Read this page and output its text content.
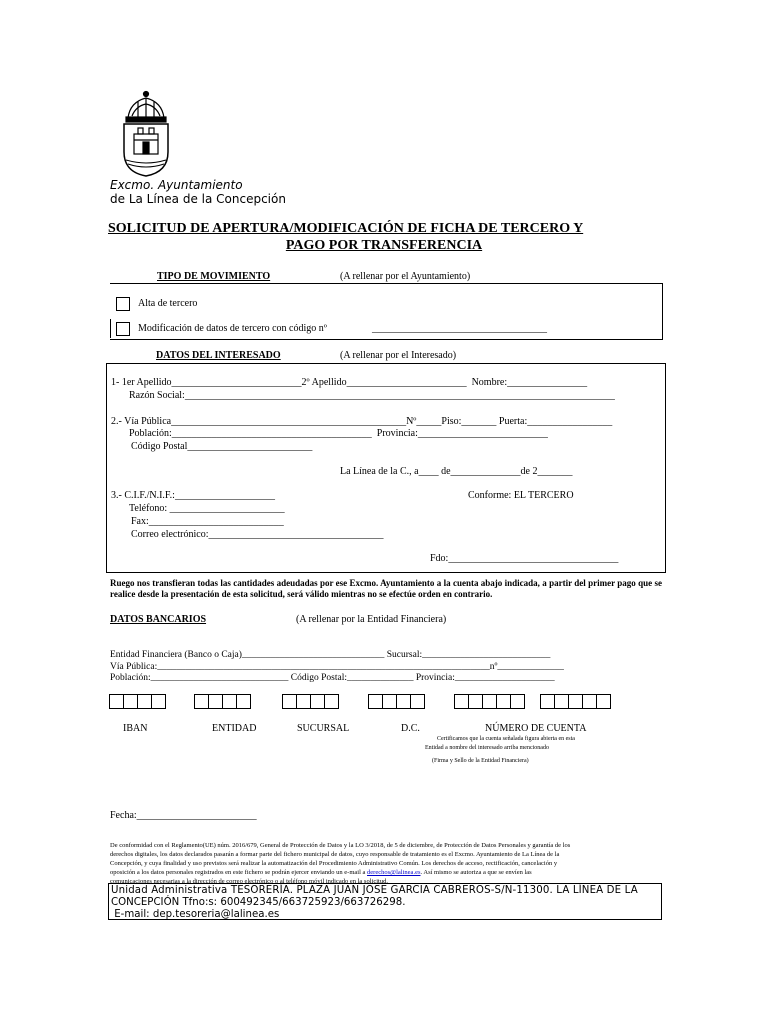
Excmo. Ayuntamiento
de La Línea de la Concepción
SOLICITUD DE APERTURA/MODIFICACIÓN DE FICHA DE TERCERO Y
PAGO POR TRANSFERENCIA
TIPO DE MOVIMIENTO	(A rellenar por el Ayuntamiento)
Alta de tercero
Modificación de datos de tercero con código nº	___________________________________
DATOS DEL INTERESADO	(A rellenar por el Interesado)
1- 1er Apellido__________________________2º Apellido________________________  Nombre:________________
Razón Social:______________________________________________________________________________________
2.- Vía Pública_______________________________________________Nº_____Piso:_______ Puerta:_________________
Población:________________________________________  Provincia:__________________________
Código Postal_________________________
La Línea de la C., a____ de______________de 2_______
3.- C.I.F./N.I.F.:____________________	Conforme: EL TERCERO
Teléfono: _______________________
Fax:___________________________
Correo electrónico:___________________________________
Fdo:__________________________________
Ruego nos transfieran todas las cantidades adeudadas por ese Excmo. Ayuntamiento a la cuenta abajo indicada, a partir del primer pago que se realice desde la presentación de esta solicitud, será válido mientras no se efectúe orden en contrario.
DATOS BANCARIOS	(A rellenar por la Entidad Financiera)
Entidad Financiera (Banco o Caja)______________________________ Sucursal:___________________________
Vía Pública:______________________________________________________________________nº______________
Población:_____________________________ Código Postal:______________ Provincia:_____________________
IBAN	ENTIDAD	SUCURSAL	D.C.	NÚMERO DE CUENTA
Certificamos que la cuenta señalada figura abierta en esta
Entidad a nombre del interesado arriba mencionado
(Firma y Sello de la Entidad Financiera)
Fecha:________________________
De conformidad con el Reglamento(UE) núm. 2016/679, General de Protección de Datos y la LO 3/2018, de 5 de diciembre, de Protección de Datos Personales y garantía de los
derechos digitales, los datos declarados pasarán a formar parte del fichero municipal de datos, cuyo responsable de tratamiento es el Excmo. Ayuntamiento de La Línea de la
Concepción, y cuya finalidad y uso previstos será realizar la automatización del Procedimiento Administrativo Común. Los derechos de acceso, rectificación, cancelación y
oposición a los datos personales registrados en este fichero se podrán ejercer enviando un e-mail a derechos@lalinea.es. Así mismo se autoriza a que se envíen las
comunicaciones necesarias a la dirección de correo electrónico o al teléfono móvil indicado en la solicitud.
Unidad Administrativa TESORERÍA. PLAZA JUAN JOSE GARCIA CABREROS-S/N-11300. LA LÍNEA DE LA
CONCEPCIÓN Tfno:s: 600492345/663725923/663726298.
E-mail: dep.tesoreria@lalinea.es
